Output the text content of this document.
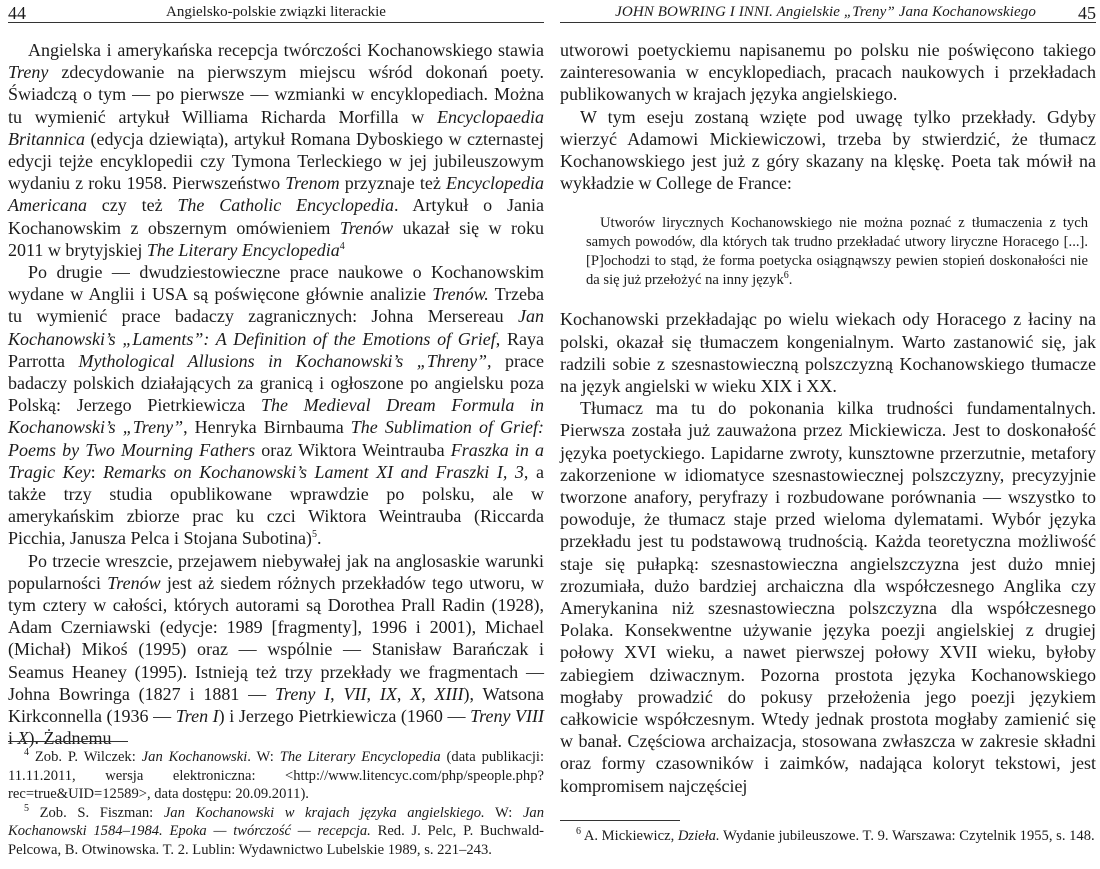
44	Angielsko-polskie związki literackie

Angielska i amerykańska recepcja twórczości Kochanowskiego stawia Treny zdecydowanie na pierwszym miejscu wśród dokonań poety. Świadczą o tym — po pierwsze — wzmianki w encyklopediach. Można tu wymienić artykuł Williama Richarda Morfilla w Encyclopaedia Britannica (edycja dziewiąta), artykuł Romana Dyboskiego w czternastej edycji tejże encyklopedii czy Tymona Terleckiego w jej jubileuszowym wydaniu z roku 1958. Pierwszeństwo Trenom przyznaje też Encyclopedia Americana czy też The Catholic Encyclopedia. Artykuł o Jania Kochanowskim z obszernym omówieniem Trenów ukazał się w roku 2011 w brytyjskiej The Literary Encyclopedia$^4$

Po drugie — dwudziestowieczne prace naukowe o Kochanowskim wydane w Anglii i USA są poświęcone głównie analizie Trenów. Trzeba tu wymienić prace badaczy zagranicznych: Johna Mersereau Jan Kochanowski’s „Laments”: A Definition of the Emotions of Grief, Raya Parrotta Mythological Allusions in Kochanowski’s „Threny”, prace badaczy polskich działających za granicą i ogłoszone po angielsku poza Polską: Jerzego Pietrkiewicza The Medieval Dream Formula in Kochanowski’s „Treny”, Henryka Birnbauma The Sublimation of Grief: Poems by Two Mourning Fathers oraz Wiktora Weintrauba Fraszka in a Tragic Key: Remarks on Kochanowski’s Lament XI and Fraszki I, 3, a także trzy studia opublikowane wprawdzie po polsku, ale w amerykańskim zbiorze prac ku czci Wiktora Weintrauba (Riccarda Picchia, Janusza Pelca i Stojana Subotina)$^5$.

Po trzecie wreszcie, przejawem niebywałej jak na anglosaskie warunki popularności Trenów jest aż siedem różnych przekładów tego utworu, w tym cztery w całości, których autorami są Dorothea Prall Radin (1928), Adam Czerniawski (edycje: 1989 [fragmenty], 1996 i 2001), Michael (Michał) Mikoś (1995) oraz — wspólnie — Stanisław Barańczak i Seamus Heaney (1995). Istnieją też trzy przekłady we fragmentach — Johna Bowringa (1827 i 1881 — Treny I, VII, IX, X, XIII), Watsona Kirkconnella (1936 — Tren I) i Jerzego Pietrkiewicza (1960 — Treny VIII i X). Żadnemu

$^4$ Zob. P. Wilczek: Jan Kochanowski. W: The Literary Encyclopedia (data publikacji: 11.11.2011, wersja elektroniczna: <http://www.litencyc.com/php/speople.php?rec=true&UID=12589>, data dostępu: 20.09.2011).

$^5$ Zob. S. Fiszman: Jan Kochanowski w krajach języka angielskiego. W: Jan Kochanowski 1584–1984. Epoka — twórczość — recepcja. Red. J. Pelc, P. Buchwald-Pelcowa, B. Otwinowska. T. 2. Lublin: Wydawnictwo Lubelskie 1989, s. 221–243.

JOHN BOWRING I INNI. Angielskie „Treny” Jana Kochanowskiego 45

utworowi poetyckiemu napisanemu po polsku nie poświęcono takiego zainteresowania w encyklopediach, pracach naukowych i przekładach publikowanych w krajach języka angielskiego.

W tym eseju zostaną wzięte pod uwagę tylko przekłady. Gdyby wierzyć Adamowi Mickiewiczowi, trzeba by stwierdzić, że tłumacz Kochanowskiego jest już z góry skazany na klęskę. Poeta tak mówił na wykładzie w College de France:

Utworów lirycznych Kochanowskiego nie można poznać z tłumaczenia z tych samych powodów, dla których tak trudno przekładać utwory liryczne Horacego [...]. [P]ochodzi to stąd, że forma poetycka osiągnąwszy pewien stopień doskonałości nie da się już przełożyć na inny język$^6$.

Kochanowski przekładając po wielu wiekach ody Horacego z łaciny na polski, okazał się tłumaczem kongenialnym. Warto zastanowić się, jak radzili sobie z szesnastowieczną polszczyzną Kochanowskiego tłumacze na język angielski w wieku XIX i XX.

Tłumacz ma tu do pokonania kilka trudności fundamentalnych. Pierwsza została już zauważona przez Mickiewicza. Jest to doskonałość języka poetyckiego. Lapidarne zwroty, kunsztowne przerzutnie, metafory zakorzenione w idiomatyce szesnastowiecznej polszczyzny, precyzyjnie tworzone anafory, peryfrazy i rozbudowane porównania — wszystko to powoduje, że tłumacz staje przed wieloma dylematami. Wybór języka przekładu jest tu podstawową trudnością. Każda teoretyczna możliwość staje się pułapką: szesnastowieczna angielszczyzna jest dużo mniej zrozumiała, dużo bardziej archaiczna dla współczesnego Anglika czy Amerykanina niż szesnastowieczna polszczyzna dla współczesnego Polaka. Konsekwentne używanie języka poezji angielskiej z drugiej połowy XVI wieku, a nawet pierwszej połowy XVII wieku, byłoby zabiegiem dziwacznym. Pozorna prostota języka Kochanowskiego mogłaby prowadzić do pokusy przełożenia jego poezji językiem całkowicie współczesnym. Wtedy jednak prostota mogłaby zamienić się w banał. Częściowa archaizacja, stosowana zwłaszcza w zakresie składni oraz formy czasowników i zaimków, nadająca koloryt tekstowi, jest kompromisem najczęściej

$^6$ A. Mickiewicz, Dzieła. Wydanie jubileuszowe. T. 9. Warszawa: Czytelnik 1955, s. 148.
